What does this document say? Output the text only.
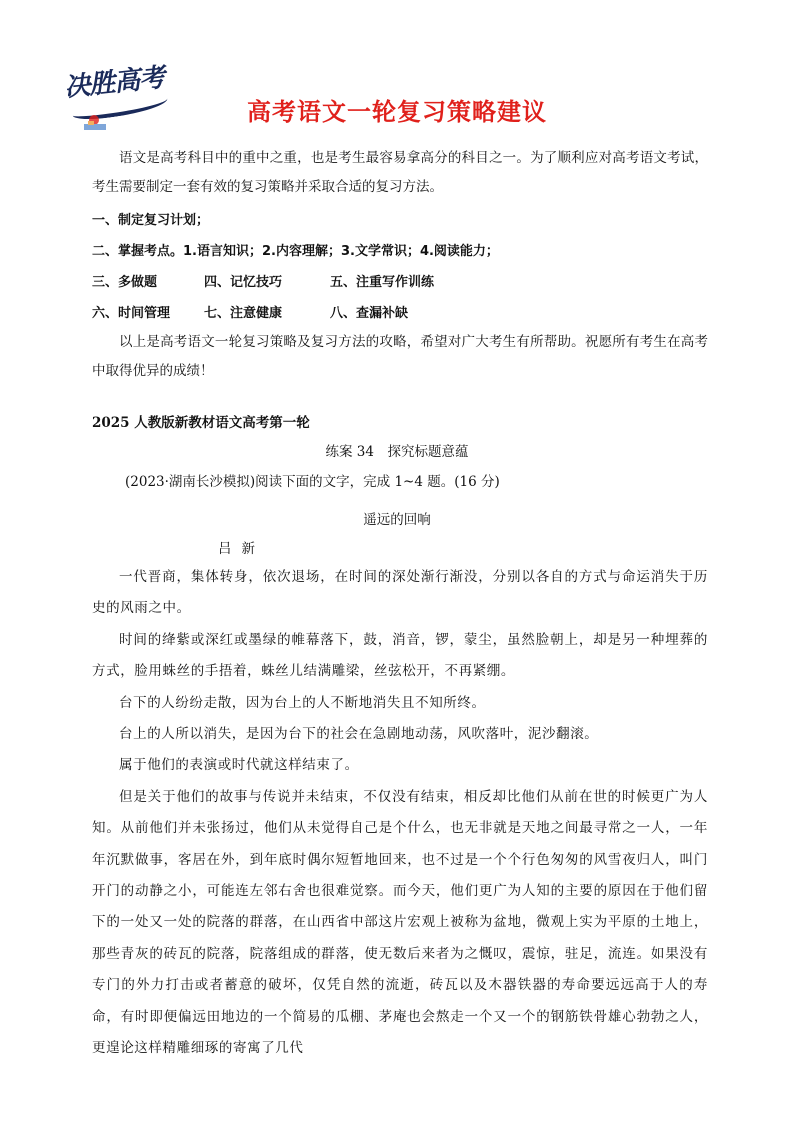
决胜高考
高考语文一轮复习策略建议
语文是高考科目中的重中之重，也是考生最容易拿高分的科目之一。为了顺利应对高考语文考试，考生需要制定一套有效的复习策略并采取合适的复习方法。
一、制定复习计划；
二、掌握考点。1.语言知识；2.内容理解；3.文学常识；4.阅读能力；
三、多做题	四、记忆技巧	五、注重写作训练
六、时间管理	七、注意健康	八、查漏补缺
以上是高考语文一轮复习策略及复习方法的攻略，希望对广大考生有所帮助。祝愿所有考生在高考中取得优异的成绩！
2025 人教版新教材语文高考第一轮
练案 34　探究标题意蕴
(2023·湖南长沙模拟)阅读下面的文字，完成 1~4 题。(16 分)
遥远的回响
吕新

一代晋商，集体转身，依次退场，在时间的深处渐行渐没，分别以各自的方式与命运消失于历史的风雨之中。

时间的绛紫或深红或墨绿的帷幕落下，鼓，消音，锣，蒙尘，虽然脸朝上，却是另一种埋葬的方式，脸用蛛丝的手捂着，蛛丝儿结满雕梁，丝弦松开，不再紧绷。

台下的人纷纷走散，因为台上的人不断地消失且不知所终。

台上的人所以消失，是因为台下的社会在急剧地动荡，风吹落叶，泥沙翻滚。

属于他们的表演或时代就这样结束了。

但是关于他们的故事与传说并未结束，不仅没有结束，相反却比他们从前在世的时候更广为人知。从前他们并未张扬过，他们从未觉得自己是个什么，也无非就是天地之间最寻常之一人，一年年沉默做事，客居在外，到年底时偶尔短暂地回来，也不过是一个个行色匆匆的风雪夜归人，叫门开门的动静之小，可能连左邻右舍也很难觉察。而今天，他们更广为人知的主要的原因在于他们留下的一处又一处的院落的群落，在山西省中部这片宏观上被称为盆地，微观上实为平原的土地上，那些青灰的砖瓦的院落，院落组成的群落，使无数后来者为之慨叹，震惊，驻足，流连。如果没有专门的外力打击或者蓄意的破坏，仅凭自然的流逝，砖瓦以及木器铁器的寿命要远远高于人的寿命，有时即便偏远田地边的一个简易的瓜棚、茅庵也会熬走一个又一个的钢筋铁骨雄心勃勃之人，更遑论这样精雕细琢的寄寓了几代
